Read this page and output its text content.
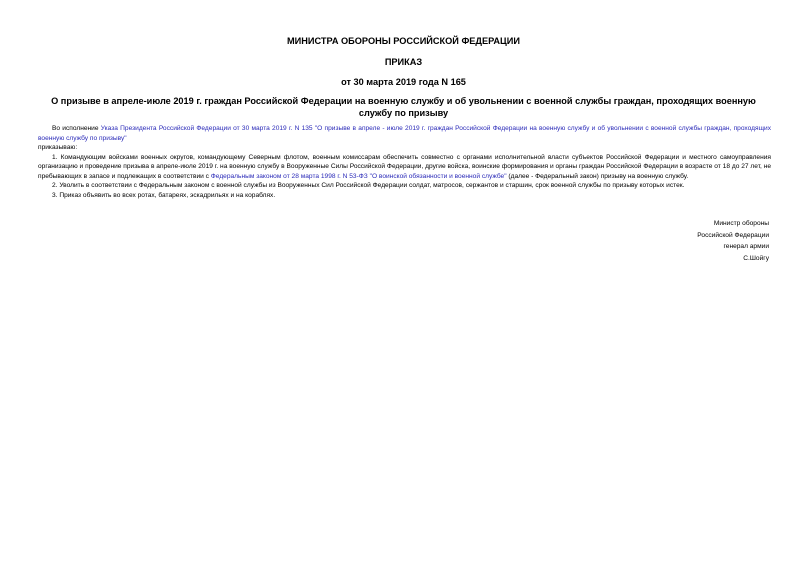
МИНИСТРА ОБОРОНЫ РОССИЙСКОЙ ФЕДЕРАЦИИ
ПРИКАЗ
от 30 марта 2019 года N 165
О призыве в апреле-июле 2019 г. граждан Российской Федерации на военную службу и об увольнении с военной службы граждан, проходящих военную службу по призыву

Во исполнение Указа Президента Российской Федерации от 30 марта 2019 г. N 135 "О призыве в апреле - июле 2019 г. граждан Российской Федерации на военную службу и об увольнении с военной службы граждан, проходящих военную службу по призыву"

приказываю:

1. Командующим войсками военных округов, командующему Северным флотом, военным комиссарам обеспечить совместно с органами исполнительной власти субъектов Российской Федерации и местного самоуправления организацию и проведение призыва в апреле-июле 2019 г. на военную службу в Вооруженные Силы Российской Федерации, другие войска, воинские формирования и органы граждан Российской Федерации в возрасте от 18 до 27 лет, не пребывающих в запасе и подлежащих в соответствии с Федеральным законом от 28 марта 1998 г. N 53-ФЗ "О воинской обязанности и военной службе" (далее - Федеральный закон) призыву на военную службу.

2. Уволить в соответствии с Федеральным законом с военной службы из Вооруженных Сил Российской Федерации солдат, матросов, сержантов и старшин, срок военной службы по призыву которых истек.

3. Приказ объявить во всех ротах, батареях, эскадрильях и на кораблях.

Министр обороны
Российской Федерации
генерал армии
С.Шойгу
